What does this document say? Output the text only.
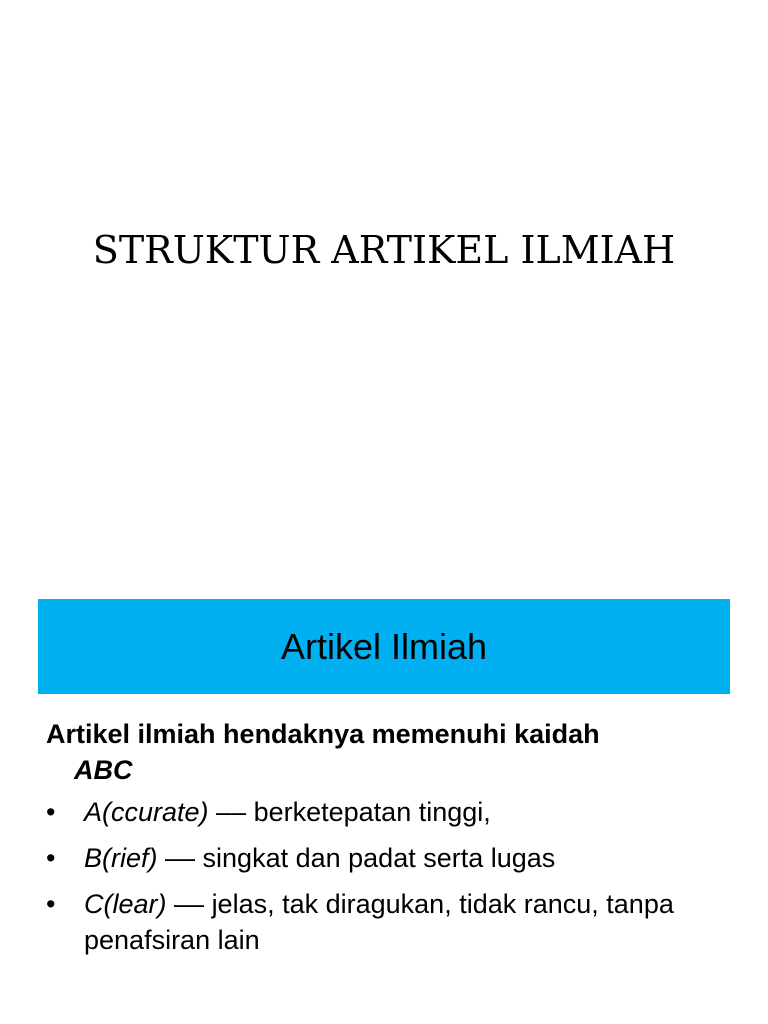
STRUKTUR ARTIKEL ILMIAH
Artikel Ilmiah

Artikel ilmiah hendaknya memenuhi kaidah
ABC

• A(ccurate) –– berketepatan tinggi,
• B(rief) –– singkat dan padat serta lugas
• C(lear) –– jelas, tak diragukan, tidak rancu, tanpa penafsiran lain
